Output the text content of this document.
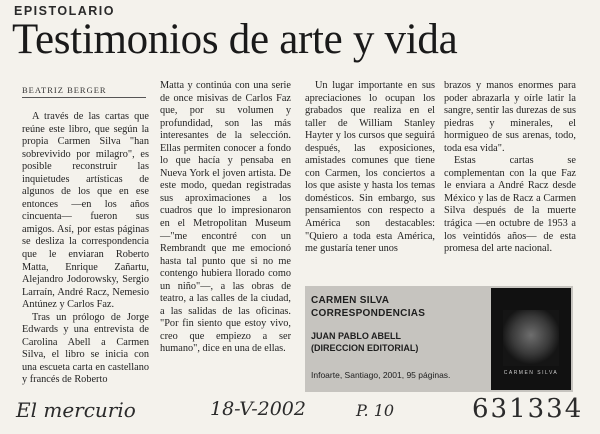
EPISTOLARIO
Testimonios de arte y vida
BEATRIZ BERGER

A través de las cartas que reúne este libro, que según la propia Carmen Silva "han sobrevivido por milagro", es posible reconstruir las inquietudes artísticas de algunos de los que en ese entonces —en los años cincuenta— fueron sus amigos. Así, por estas páginas se desliza la correspondencia que le enviaran Roberto Matta, Enrique Zañartu, Alejandro Jodorowsky, Sergio Larraín, André Racz, Nemesio Antúnez y Carlos Faz.

Tras un prólogo de Jorge Edwards y una entrevista de Carolina Abell a Carmen Silva, el libro se inicia con una escueta carta en castellano y francés de Roberto

Matta y continúa con una serie de once misivas de Carlos Faz que, por su volumen y profundidad, son las más interesantes de la selección. Ellas permiten conocer a fondo lo que hacía y pensaba en Nueva York el joven artista. De este modo, quedan registradas sus aproximaciones a los cuadros que lo impresionaron en el Metropolitan Museum —"me encontré con un Rembrandt que me emocionó hasta tal punto que si no me contengo hubiera llorado como un niño"—, a las obras de teatro, a las calles de la ciudad, a las salidas de las oficinas. "Por fin siento que estoy vivo, creo que empiezo a ser humano", dice en una de ellas.

Un lugar importante en sus apreciaciones lo ocupan los grabados que realiza en el taller de William Stanley Hayter y los cursos que seguirá después, las exposiciones, amistades comunes que tiene con Carmen, los conciertos a los que asiste y hasta los temas domésticos. Sin embargo, sus pensamientos con respecto a América son destacables: "Quiero a toda esta América, me gustaría tener unos

brazos y manos enormes para poder abrazarla y oírle latir la sangre, sentir las durezas de sus piedras y minerales, el hormigueo de sus arenas, todo, toda esa vida".

Estas cartas se complementan con la que Faz le enviara a André Racz desde México y las de Racz a Carmen Silva después de la muerte trágica —en octubre de 1953 a los veintidós años— de esta promesa del arte nacional.

CARMEN SILVA
CORRESPONDENCIAS
JUAN PABLO ABELL
(DIRECCION EDITORIAL)
Infoarte, Santiago, 2001, 95 páginas.	CARMEN SILVA
El mercurio	18-V-2002	P. 10	631334
